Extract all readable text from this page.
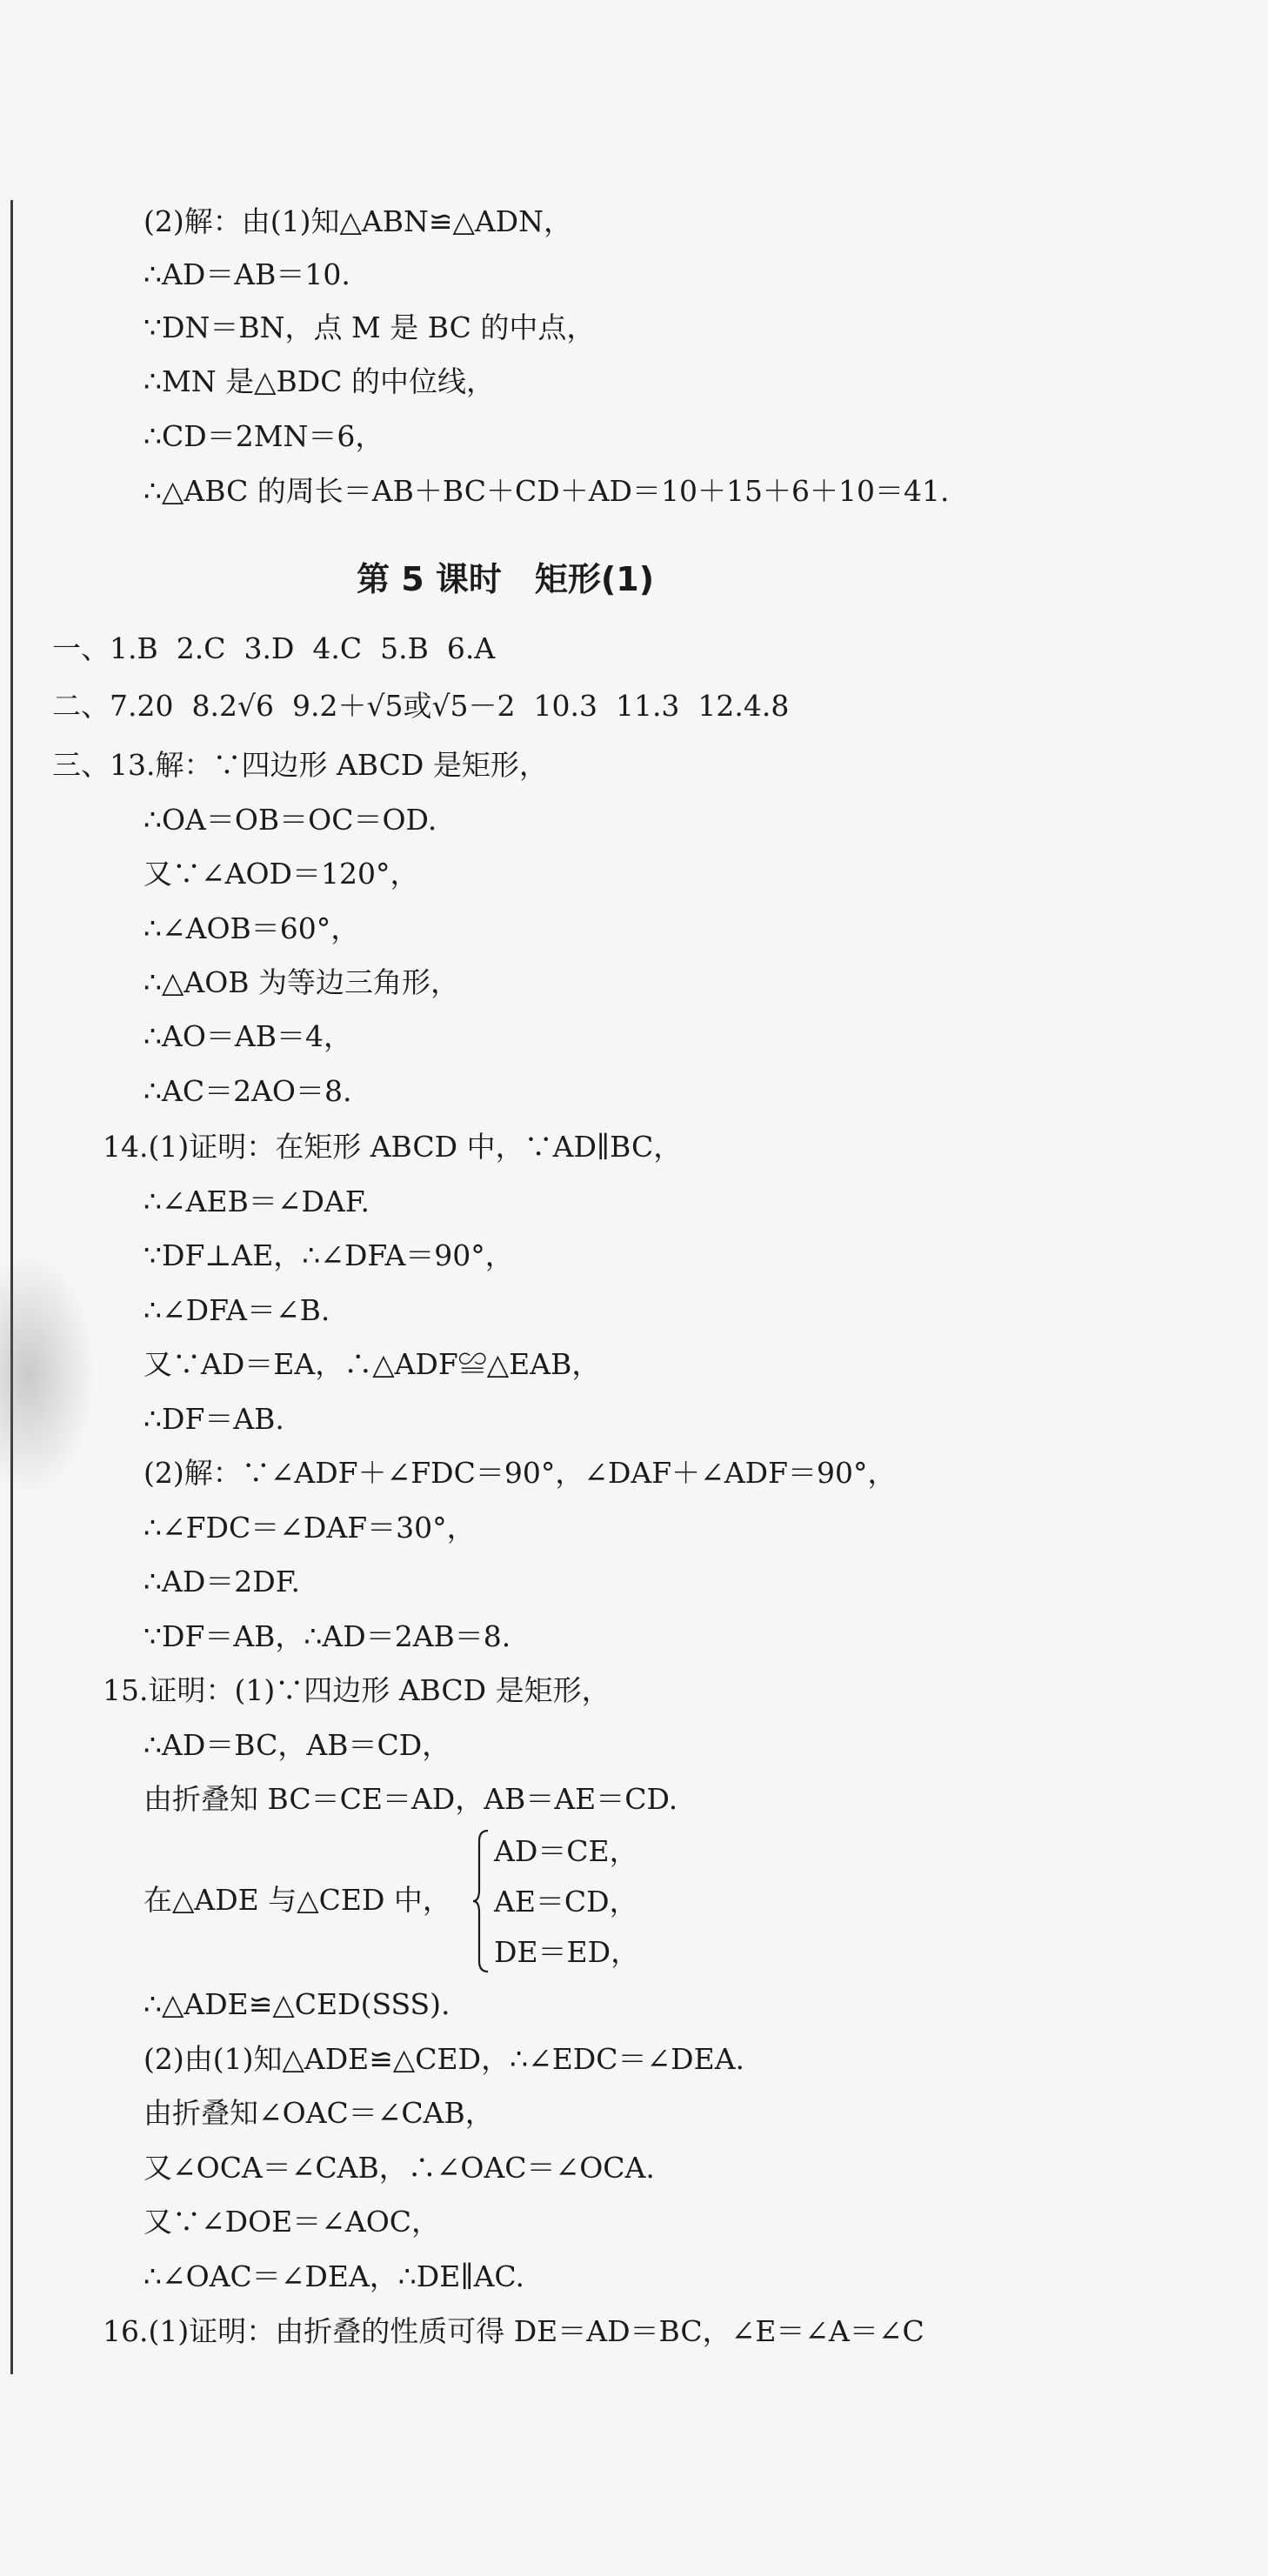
(2)解：由(1)知△ABN≌△ADN，
∴AD＝AB＝10.
∵DN＝BN，点 M 是 BC 的中点，
∴MN 是△BDC 的中位线，
∴CD＝2MN＝6，
∴△ABC 的周长＝AB＋BC＋CD＋AD＝10＋15＋6＋10＝41.
第 5 课时　矩形(1)
一、1.B 2.C 3.D 4.C 5.B 6.A
二、7.20 8.2√6 9.2＋√5或√5－2 10.3 11.3 12.4.8
三、13.解：∵四边形 ABCD 是矩形，
∴OA＝OB＝OC＝OD.
又∵∠AOD＝120°，
∴∠AOB＝60°，
∴△AOB 为等边三角形，
∴AO＝AB＝4，
∴AC＝2AO＝8.
14.(1)证明：在矩形 ABCD 中，∵AD∥BC，
∴∠AEB＝∠DAF.
∵DF⊥AE，∴∠DFA＝90°，
∴∠DFA＝∠B.
又∵AD＝EA，∴△ADF≌△EAB，
∴DF＝AB.
(2)解：∵∠ADF＋∠FDC＝90°，∠DAF＋∠ADF＝90°，
∴∠FDC＝∠DAF＝30°，
∴AD＝2DF.
∵DF＝AB，∴AD＝2AB＝8.
15.证明：(1)∵四边形 ABCD 是矩形，
∴AD＝BC，AB＝CD，
由折叠知 BC＝CE＝AD，AB＝AE＝CD.
在△ADE 与△CED 中，
AD＝CE，
AE＝CD，
DE＝ED，
∴△ADE≌△CED(SSS).
(2)由(1)知△ADE≌△CED，∴∠EDC＝∠DEA.
由折叠知∠OAC＝∠CAB，
又∠OCA＝∠CAB，∴∠OAC＝∠OCA.
又∵∠DOE＝∠AOC，
∴∠OAC＝∠DEA，∴DE∥AC.
16.(1)证明：由折叠的性质可得 DE＝AD＝BC，∠E＝∠A＝∠C
